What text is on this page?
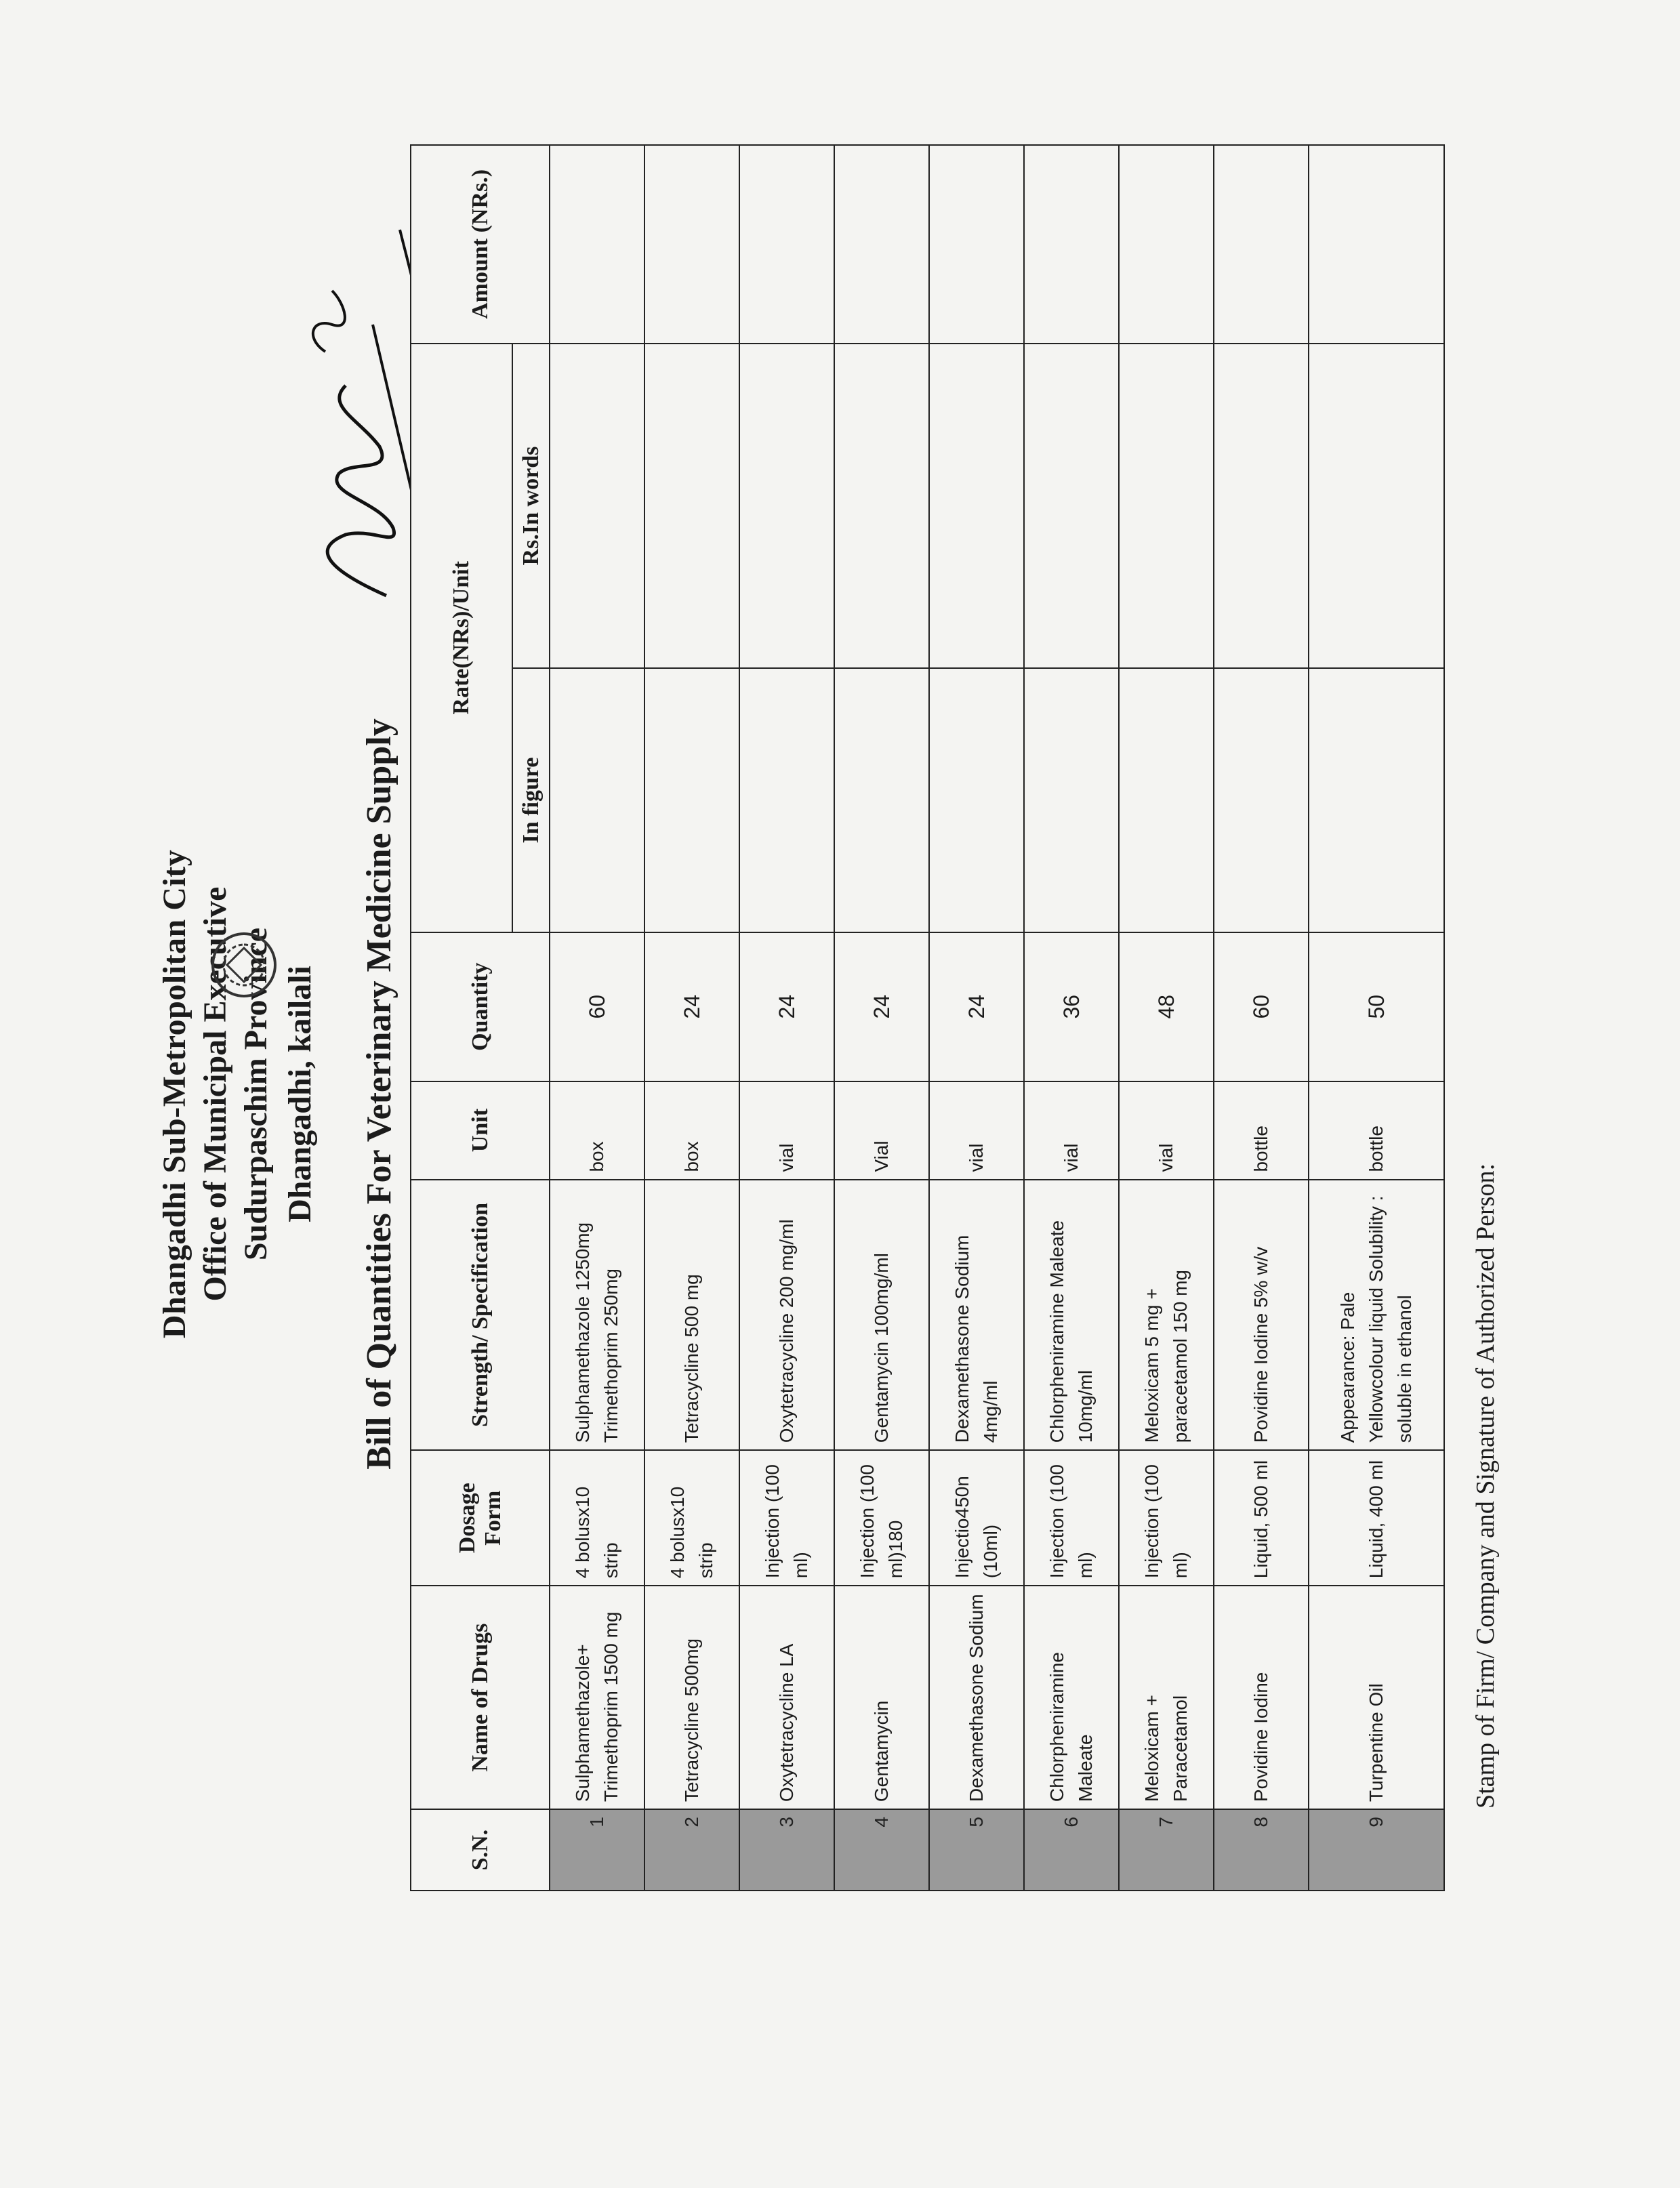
Dhangadhi Sub-Metropolitan City Office of Municipal Executive Sudurpaschim Province Dhangadhi, kailali Bill of Quantities For Veterinary Medicine Supply
S.N.	Name of Drugs	Dosage Form	Strength/ Specification	Unit	Quantity	Rate(NRs)/Unit		Amount (NRs.)
						In figure	Rs.In words	
1	Sulphamethazole+ Trimethoprim 1500 mg	4 bolusx10 strip	Sulphamethazole 1250mg Trimethoprim 250mg	box	60			
2	Tetracycline 500mg	4 bolusx10 strip	Tetracycline 500 mg	box	24			
3	Oxytetracycline LA	Injection (100 ml)	Oxytetracycline 200 mg/ml	vial	24			
4	Gentamycin	Injection (100 ml)180	Gentamycin 100mg/ml	Vial	24			
5	Dexamethasone Sodium	Injectio450n (10ml)	Dexamethasone Sodium 4mg/ml	vial	24			
6	Chlorpheniramine Maleate	Injection (100 ml)	Chlorpheniramine Maleate 10mg/ml	vial	36			
7	Meloxicam + Paracetamol	Injection (100 ml)	Meloxicam 5 mg + paracetamol 150 mg	vial	48			
8	Povidine Iodine	Liquid, 500 ml	Povidine Iodine 5% w/v	bottle	60			
9	Turpentine Oil	Liquid, 400 ml	Appearance: Pale Yellowcolour liquid Solubility : soluble in ethanol	bottle	50			
Stamp of Firm/ Company and Signature of Authorized Person:
